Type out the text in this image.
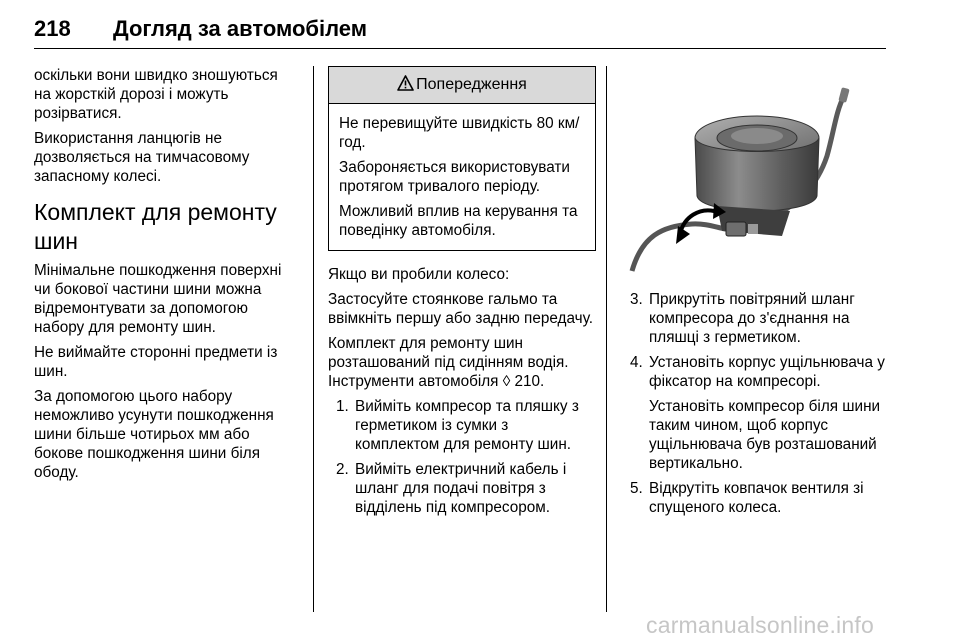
218 Догляд за автомобілем

оскільки вони швидко зношуються на жорсткій дорозі і можуть розірватися.

Використання ланцюгів не дозволяється на тимчасовому запасному колесі.

Комплект для ремонту шин

Мінімальне пошкодження поверхні чи бокової частини шини можна відремонтувати за допомогою набору для ремонту шин.

Не виймайте сторонні предмети із шин.

За допомогою цього набору неможливо усунути пошкодження шини більше чотирьох мм або бокове пошкодження шини біля ободу.

Попередження

Не перевищуйте швидкість 80 км/год.

Забороняється використовувати протягом тривалого періоду.

Можливий вплив на керування та поведінку автомобіля.

Якщо ви пробили колесо:

Застосуйте стоянкове гальмо та ввімкніть першу або задню передачу.

Комплект для ремонту шин розташований під сидінням водія. Інструменти автомобіля ◊ 210.

1. Вийміть компресор та пляшку з герметиком із сумки з комплектом для ремонту шин.
2. Вийміть електричний кабель і шланг для подачі повітря з відділень під компресором.
3. Прикрутіть повітряний шланг компресора до з'єднання на пляшці з герметиком.
4. Установіть корпус ущільнювача у фіксатор на компресорі.

Установіть компресор біля шини таким чином, щоб корпус ущільнювача був розташований вертикально.

5. Відкрутіть ковпачок вентиля зі спущеного колеса.
carmanualsonline.info
